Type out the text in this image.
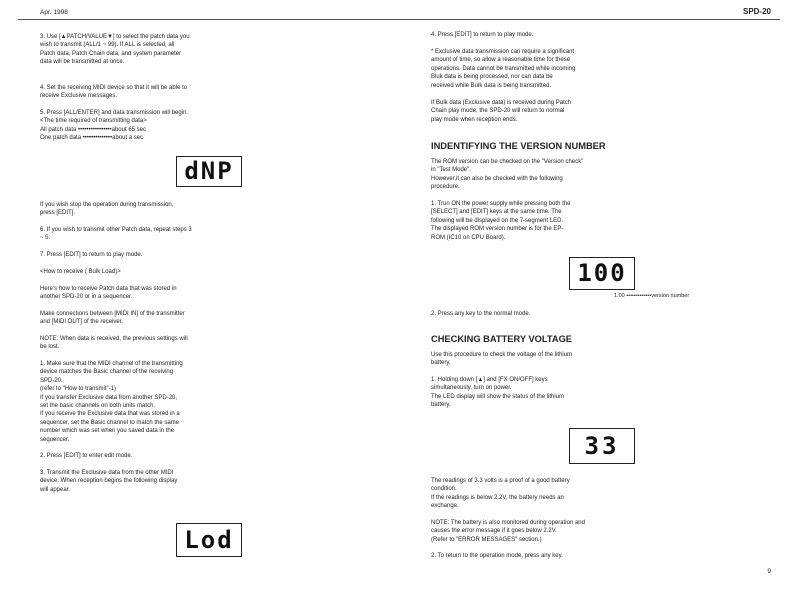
Apr. 1998	SPD-20

3. Use [▲PATCH/VALUE▼] to select the patch data you
wish to transmit (ALL/1 ~ 99). If ALL is selected, all
Patch data, Patch Chain data, and system parameter
data will be transmitted at once.

4. Set the receiving MIDI device so that it will be able to
receive Exclusive messages.

5. Press [ALL/ENTER] and data transmission will begin.
<The time required of transmitting data>
All patch data ••••••••••••••••about 65 sec
One patch data ••••••••••••••about a sec

dNP

If you wish stop the operation during transmission,
press [EDIT].

6. If you wish to transmit other Patch data, repeat steps 3
~ 5.

7. Press [EDIT] to return to play mode.

<How to receive ( Bulk Load)>

Here's how to receive Patch data that was stored in
another SPD-20 or in a sequencer.

Make connections between [MIDI IN] of the transmitter
and [MIDI OUT] of the receiver.

NOTE: When data is received, the previous settings will
be lost.

1. Make sure that the MIDI channel of the transmitting
device matches the Basic channel of the receiving
SPD-20.
(refer to "How to transmit"-1)
If you transfer Exclusive data from another SPD-20,
set the basic channels on both units match.
If you receive the Exclusive data that was stored in a
sequencer, set the Basic channel to match the same
number which was set when you saved data in the
sequencer.

2. Press [EDIT] to enter edit mode.

3. Transmit the Exclusive data from the other MIDI
device. When reception begins the following display
will appear.

Lod

4. Press [EDIT] to return to play mode.

* Exclusive data transmission can require a significant
amount of time, so allow a reasonable time for these
operations. Data cannot be transmitted while incoming
Bluk data is being processed, nor can data be
received while Bulk data is being transmitted.

If Bulk data (Exclusive data) is received during Patch
Chain play mode, the SPD-20 will return to normal
play mode when reception ends.

INDENTIFYING THE VERSION NUMBER

The ROM version can be checked on the "Version check"
in "Test Mode".
However,it can also be checked with the following
procedure.

1. Trun ON the power supply while pressing both the
[SELECT] and [EDIT] keys at the same time. The
following will be displayed on the 7-segment LED.
The displayed ROM version number is for the EP-
ROM (IC10 on CPU Board).

100
1.00 •••••••••••••version number

2. Press any key to the normal mode.

CHECKING BATTERY VOLTAGE

Use this procedure to check the voltage of the lithium
battery.

1. Holding down [▲] and [FX ON/OFF] keys
simultaneously, turn on power.
The LED display will show the status of the lithium
battery.

33

The readings of 3.3 volts is a proof of a good battery
condition.
If the readings is below 2.2V, the battery needs an
exchange.

NOTE: The battery is also monitored during operation and
causes the error message if it goes below 2.2V.
(Refer to "ERROR MESSAGES" section.)

2. To return to the operation mode, press any key.

9
